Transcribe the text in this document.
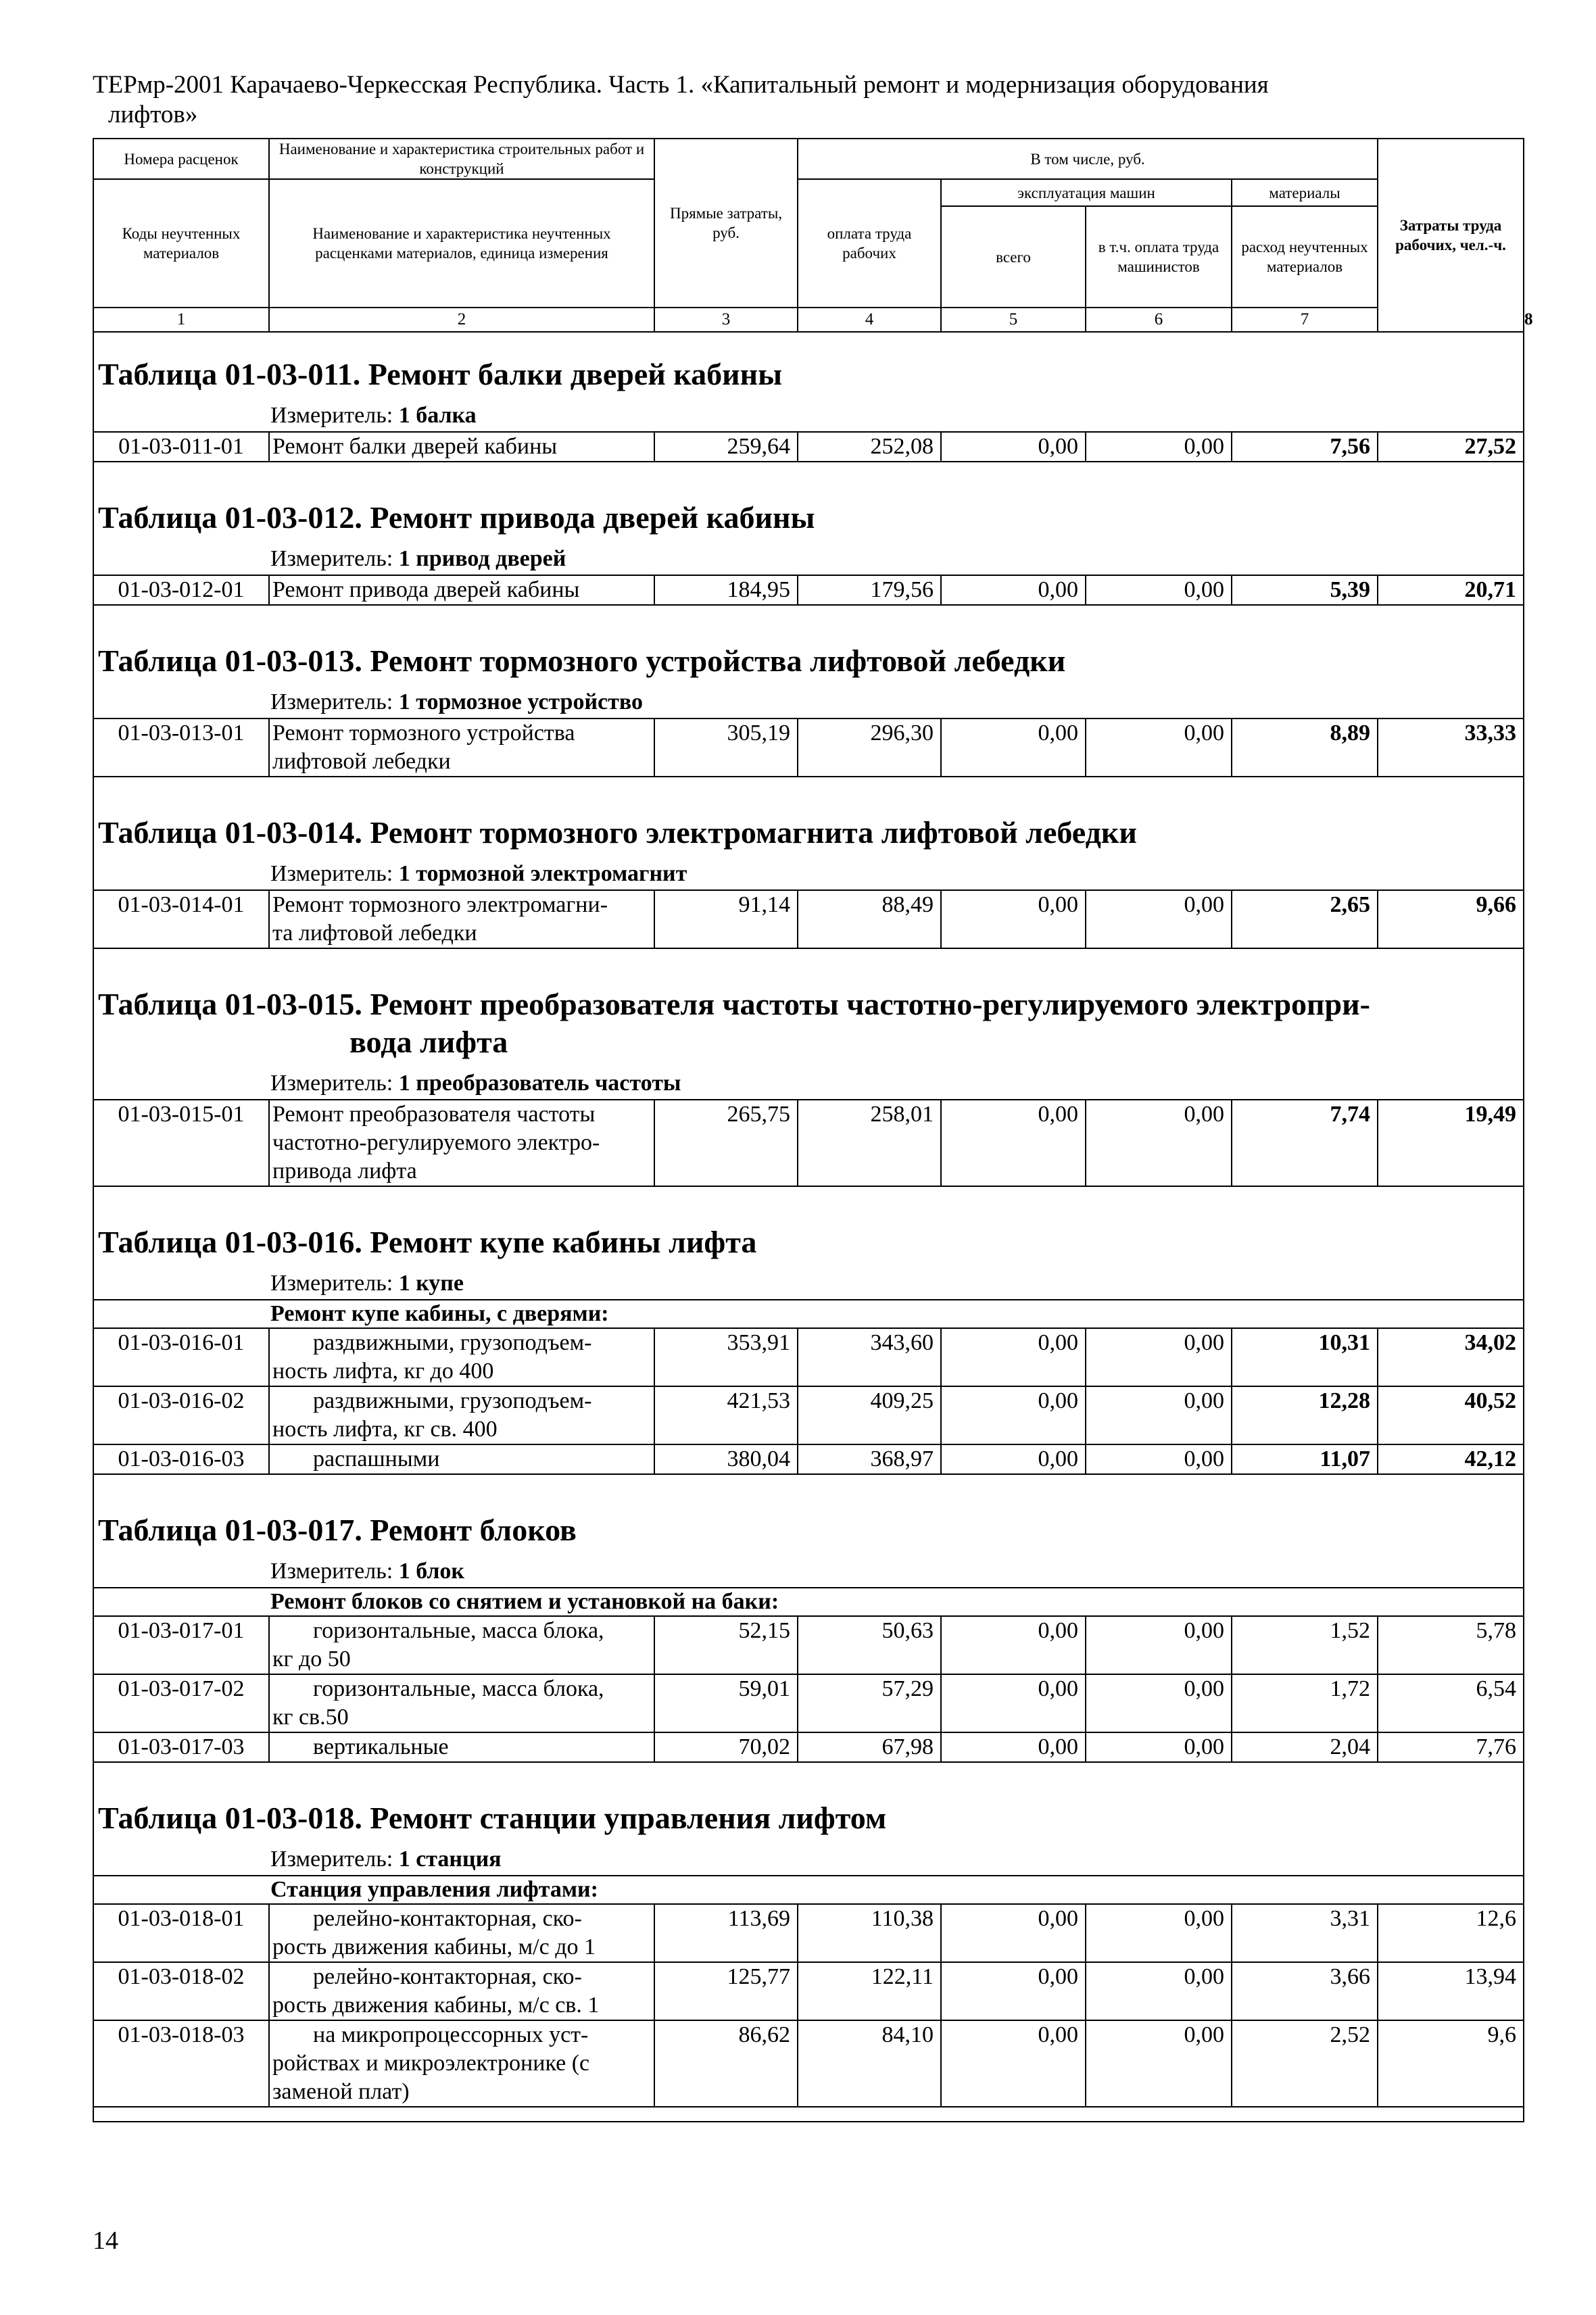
ТЕРмр-2001 Карачаево-Черкесская Республика. Часть 1. «Капитальный ремонт и модернизация оборудования
лифтов»
Номера расценок	Наименование и характеристика строительных работ и конструкций	Прямые затраты, руб.	В том числе, руб.				Затраты труда рабочих, чел.-ч.	
Коды неучтенных материалов	Наименование и характеристика неучтенных расценками материалов, единица измерения		оплата труда рабочих	эксплуатация машин		материалы		
				всего	в т.ч. оплата труда машинистов	расход неучтенных материалов		
1	2	3	4	5	6	7		8
Таблица 01-03-011. Ремонт балки дверей кабины								
Измеритель: 1 балка								
01-03-011-01	Ремонт балки дверей кабины	259,64	252,08	0,00	0,00	7,56	27,52	

Таблица 01-03-012. Ремонт привода дверей кабины								
Измеритель: 1 привод дверей								
01-03-012-01	Ремонт привода дверей кабины	184,95	179,56	0,00	0,00	5,39	20,71	

Таблица 01-03-013. Ремонт тормозного устройства лифтовой лебедки								
Измеритель: 1 тормозное устройство								
01-03-013-01	Ремонт тормозного устройства
лифтовой лебедки	305,19	296,30	0,00	0,00	8,89	33,33	

Таблица 01-03-014. Ремонт тормозного электромагнита лифтовой лебедки								
Измеритель: 1 тормозной электромагнит								
01-03-014-01	Ремонт тормозного электромагни-
та лифтовой лебедки	91,14	88,49	0,00	0,00	2,65	9,66	

Таблица 01-03-015. Ремонт преобразователя частоты частотно-регулируемого электропри-
вода лифта								
Измеритель: 1 преобразователь частоты								
01-03-015-01	Ремонт преобразователя частоты
частотно-регулируемого электро-
привода лифта	265,75	258,01	0,00	0,00	7,74	19,49	

Таблица 01-03-016. Ремонт купе кабины лифта								
Измеритель: 1 купе								
Ремонт купе кабины, с дверями:								
01-03-016-01	раздвижными, грузоподъем-
ность лифта, кг до 400	353,91	343,60	0,00	0,00	10,31	34,02	
01-03-016-02	раздвижными, грузоподъем-
ность лифта, кг св. 400	421,53	409,25	0,00	0,00	12,28	40,52	
01-03-016-03	распашными	380,04	368,97	0,00	0,00	11,07	42,12	

Таблица 01-03-017. Ремонт блоков								
Измеритель: 1 блок								
Ремонт блоков со снятием и установкой на баки:								
01-03-017-01	горизонтальные, масса блока,
кг до 50	52,15	50,63	0,00	0,00	1,52	5,78	
01-03-017-02	горизонтальные, масса блока,
кг св.50	59,01	57,29	0,00	0,00	1,72	6,54	
01-03-017-03	вертикальные	70,02	67,98	0,00	0,00	2,04	7,76	

Таблица 01-03-018. Ремонт станции управления лифтом								
Измеритель: 1 станция								
Станция управления лифтами:								
01-03-018-01	релейно-контакторная, ско-
рость движения кабины, м/с до 1	113,69	110,38	0,00	0,00	3,31	12,6	
01-03-018-02	релейно-контакторная, ско-
рость движения кабины, м/с св. 1	125,77	122,11	0,00	0,00	3,66	13,94	
01-03-018-03	на микропроцессорных уст-
ройствах и микроэлектронике (с
заменой плат)	86,62	84,10	0,00	0,00	2,52	9,6	

14
